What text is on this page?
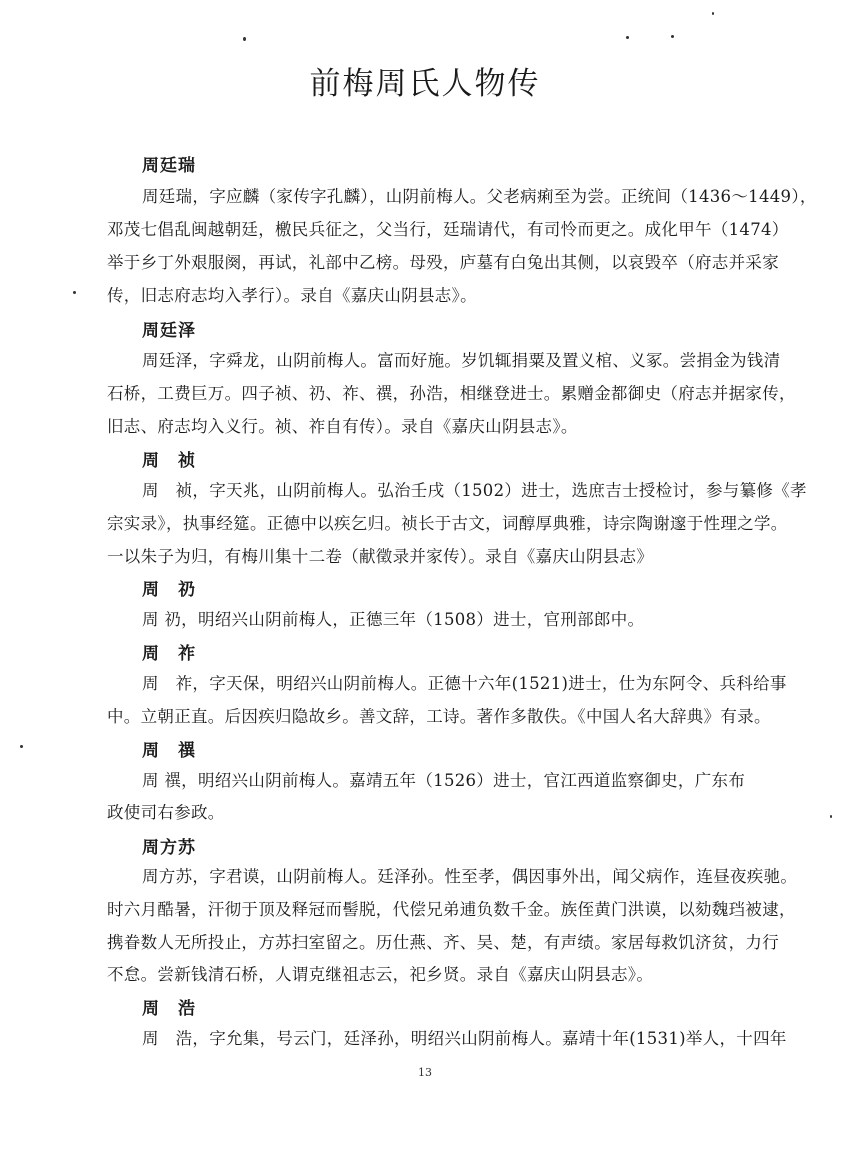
前梅周氏人物传
周廷瑞
周廷瑞，字应麟（家传字孔麟），山阴前梅人。父老病痢至为尝。正统间（1436～1449），
邓茂七倡乱闽越朝廷，檄民兵征之，父当行，廷瑞请代，有司怜而更之。成化甲午（1474）
举于乡丁外艰服阕，再试，礼部中乙榜。母殁，庐墓有白兔出其侧，以哀毁卒（府志并采家
传，旧志府志均入孝行）。录自《嘉庆山阴县志》。
周廷泽
周廷泽，字舜龙，山阴前梅人。富而好施。岁饥辄捐粟及置义棺、义冢。尝捐金为钱清
石桥，工费巨万。四子祯、礽、祚、禩，孙浩，相继登进士。累赠金都御史（府志并据家传，
旧志、府志均入义行。祯、祚自有传）。录自《嘉庆山阴县志》。
周　祯
周　祯，字天兆，山阴前梅人。弘治壬戌（1502）进士，选庶吉士授检讨，参与纂修《孝
宗实录》，执事经筵。正德中以疾乞归。祯长于古文，词醇厚典雅，诗宗陶谢邃于性理之学。
一以朱子为归，有梅川集十二卷（献徵录并家传）。录自《嘉庆山阴县志》
周　礽
周 礽，明绍兴山阴前梅人，正德三年（1508）进士，官刑部郎中。
周　祚
周　祚，字天保，明绍兴山阴前梅人。正德十六年(1521)进士，仕为东阿令、兵科给事
中。立朝正直。后因疾归隐故乡。善文辞，工诗。著作多散佚。《中国人名大辞典》有录。
周　禩
周 禩，明绍兴山阴前梅人。嘉靖五年（1526）进士，官江西道监察御史，广东布
政使司右参政。
周方苏
周方苏，字君谟，山阴前梅人。廷泽孙。性至孝，偶因事外出，闻父病作，连昼夜疾驰。
时六月酷暑，汗彻于顶及释冠而髻脱，代偿兄弟逋负数千金。族侄黄门洪谟，以劾魏珰被逮，
携眷数人无所投止，方苏扫室留之。历仕燕、齐、吴、楚，有声绩。家居每救饥济贫，力行
不怠。尝新钱清石桥，人谓克继祖志云，祀乡贤。录自《嘉庆山阴县志》。
周　浩
周　浩，字允集，号云门，廷泽孙，明绍兴山阴前梅人。嘉靖十年(1531)举人，十四年
13
